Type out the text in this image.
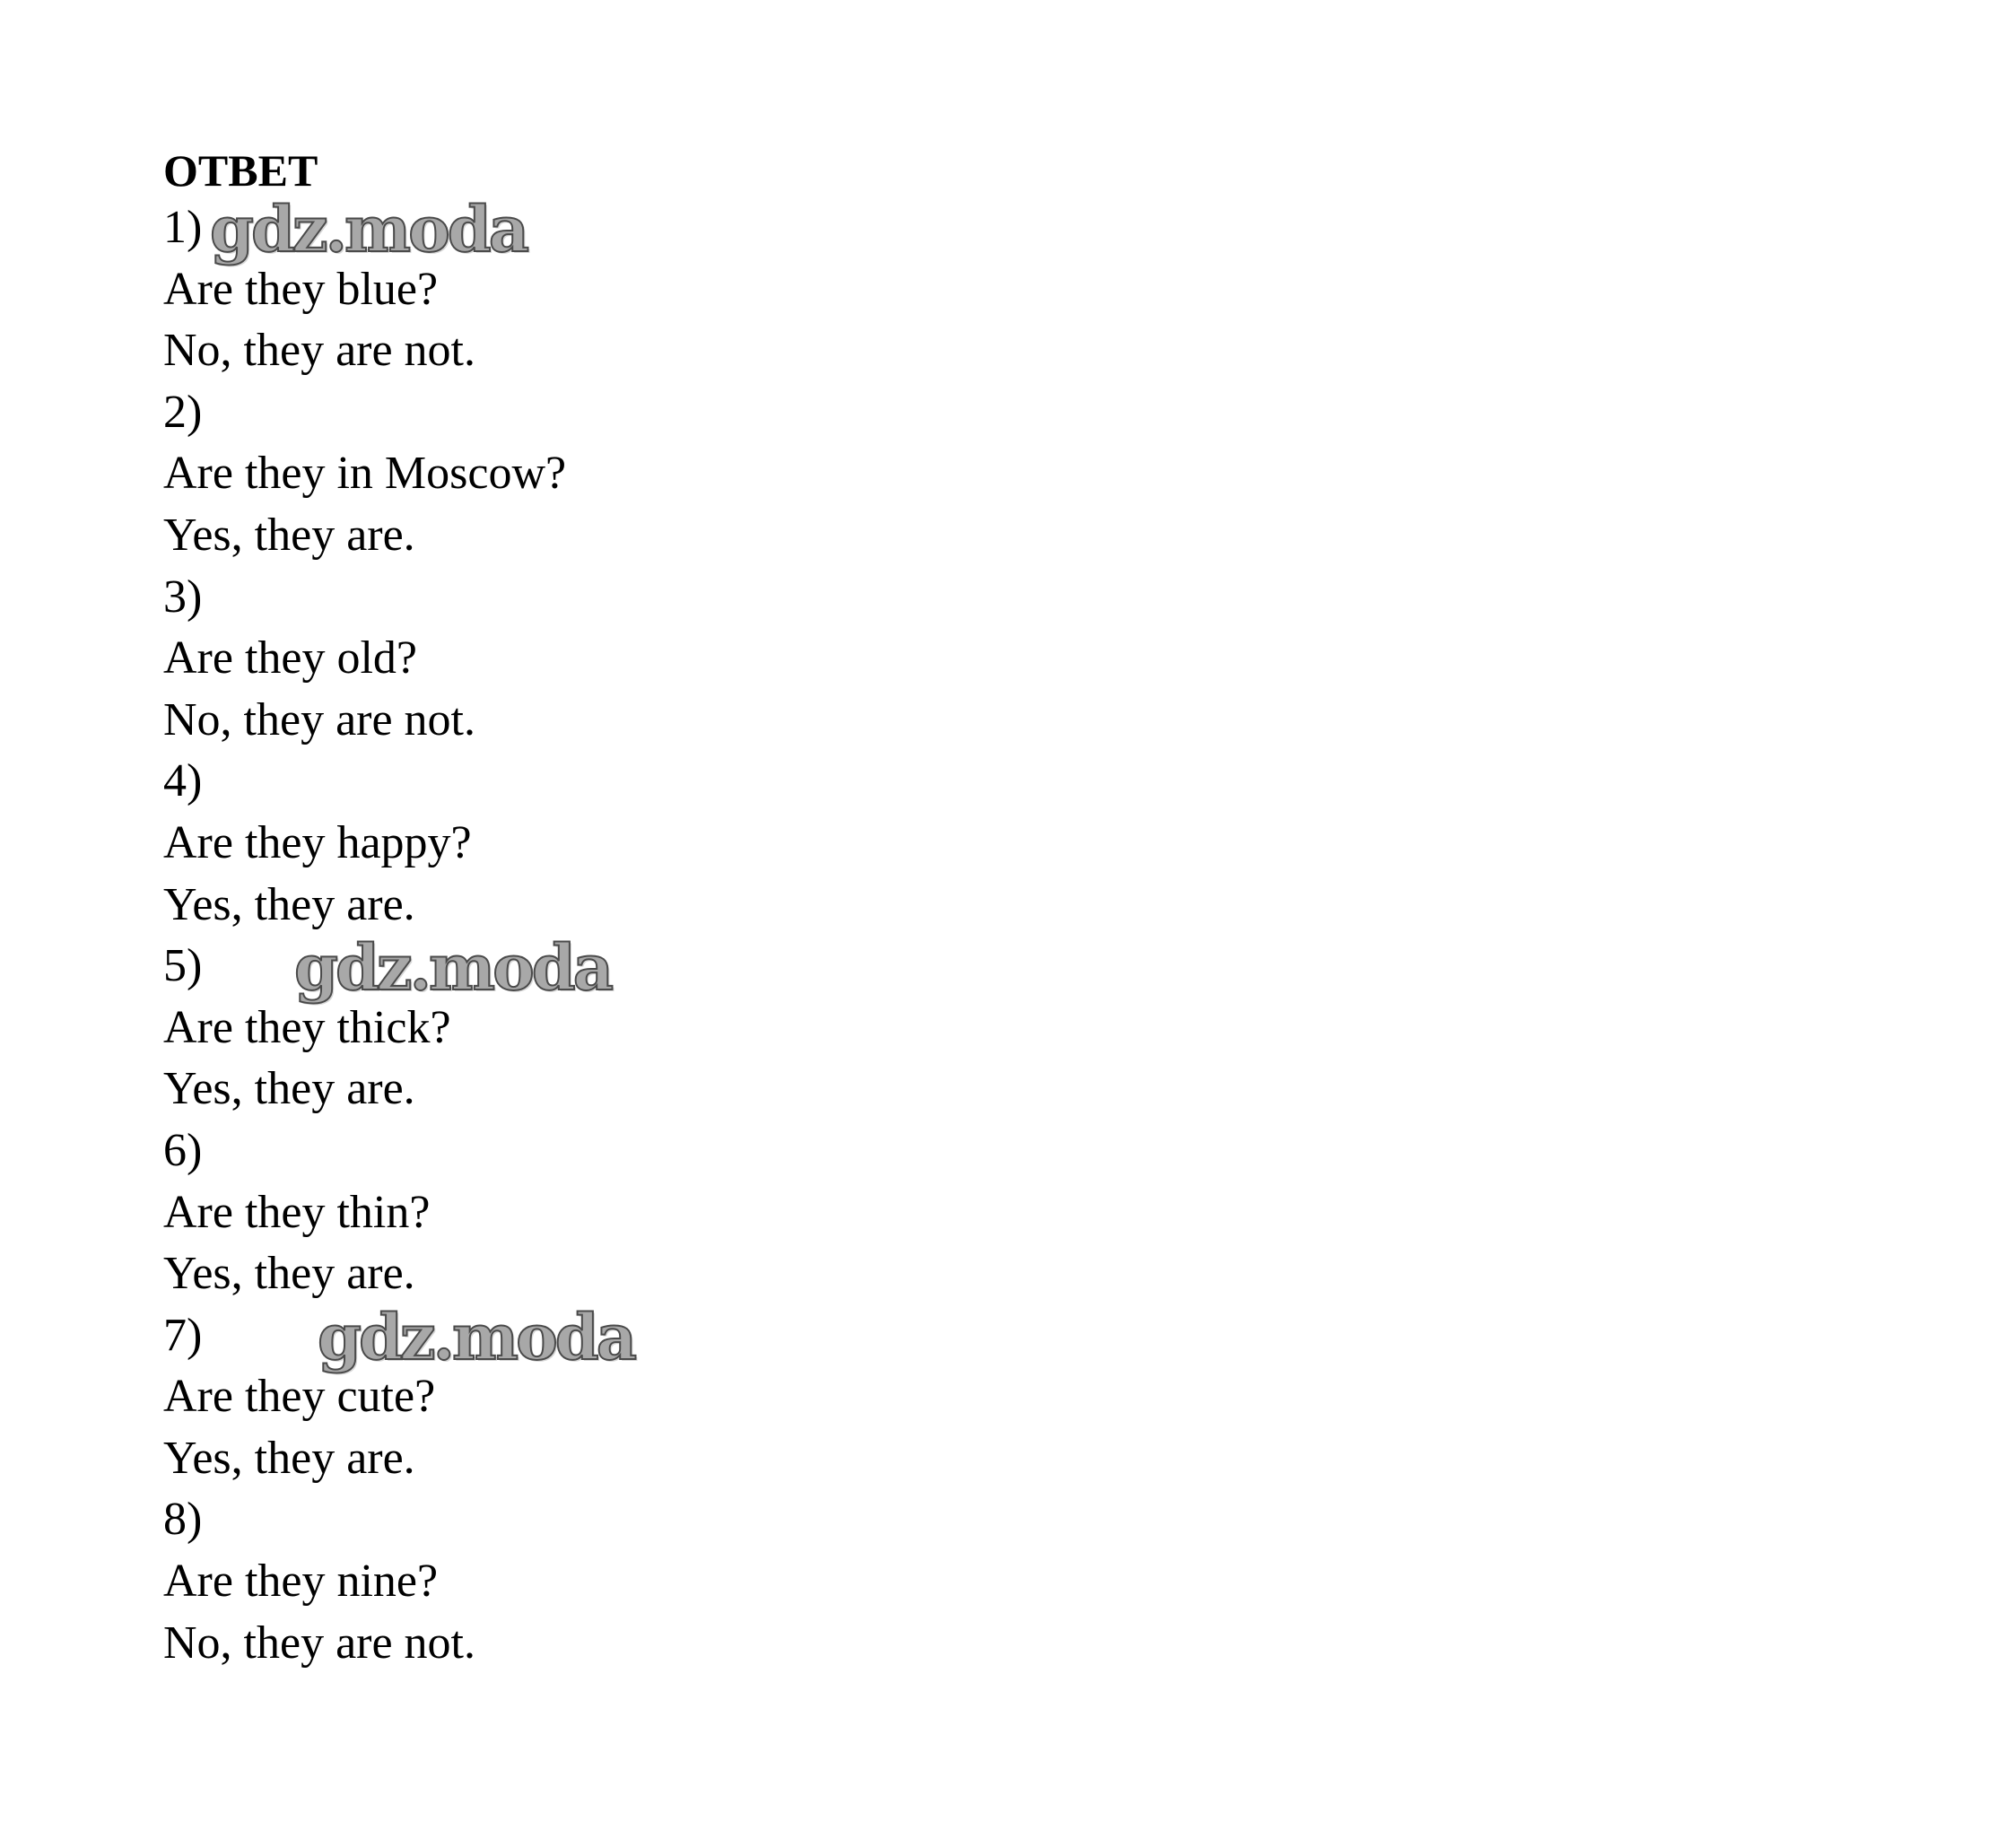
ОТВЕТ
1) gdz.moda
Are they blue?
No, they are not.
2)
Are they in Moscow?
Yes, they are.
3)
Are they old?
No, they are not.
4)
Are they happy?
Yes, they are.
5) gdz.moda
Are they thick?
Yes, they are.
6)
Are they thin?
Yes, they are.
7) gdz.moda
Are they cute?
Yes, they are.
8)
Are they nine?
No, they are not.
